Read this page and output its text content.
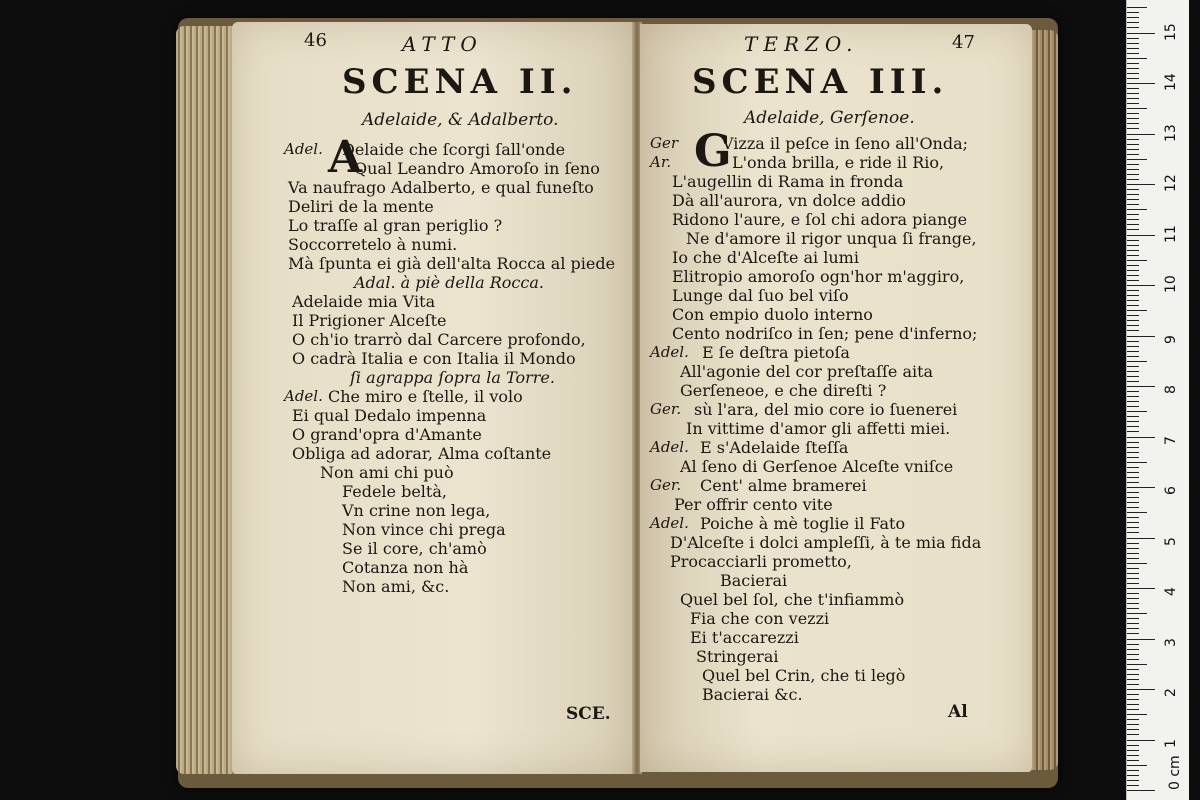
46	ATTO
SCENA II.
Adelaide, & Adalberto.
Adel. A
Delaide che ſcorgi ſall'onde
Qual Leandro Amoroſo in ſeno
Va naufrago Adalberto, e qual funeſto
Deliri de la mente
Lo traſſe al gran periglio ?
Soccorretelo à numi.
Mà ſpunta ei già dell'alta Rocca al piede
Adal. à piè della Rocca.
Adelaide mia Vita
Il Prigioner Alceſte
O ch'io trarrò dal Carcere profondo,
O cadrà Italia e con Italia il Mondo
ſi agrappa ſopra la Torre.
Adel. Che miro e ſtelle, il volo
Ei qual Dedalo impenna
O grand'opra d'Amante
Obliga ad adorar, Alma coſtante
Non ami chi può
Fedele beltà,
Vn crine non lega,
Non vince chi prega
Se il core, ch'amò
Cotanza non hà
Non ami, &c.
SCE.
TERZO.	47
SCENA III.
Adelaide, Gerſenoe.
Ger G
Vizza il peſce in ſeno all'Onda;
Ar.	L'onda brilla, e ride il Rio,
L'augellin di Rama in fronda
Dà all'aurora, vn dolce addio
Ridono l'aure, e ſol chi adora piange
Ne d'amore il rigor unqua ſi frange,
Io che d'Alceſte ai lumi
Elitropio amoroſo ogn'hor m'aggiro,
Lunge dal ſuo bel viſo
Con empio duolo interno
Cento nodriſco in ſen; pene d'inferno;
Adel. E ſe deſtra pietoſa
All'agonie del cor preſtaſſe aita
Gerſeneoe, e che direſti ?
Ger. sù l'ara, del mio core io ſuenerei
In vittime d'amor gli affetti miei.
Adel. E s'Adelaide ſteſſa
Al ſeno di Gerſenoe Alceſte vniſce
Ger. Cent' alme bramerei
Per offrir cento vite
Adel. Poiche à mè toglie il Fato
D'Alceſte i dolci ampleſſi, à te mia fida
Procacciarli prometto,
Bacierai
Quel bel ſol, che t'infiammò
Fia che con vezzi
Ei t'accarezzi
Stringerai
Quel bel Crin, che ti legò
Bacierai &c.
Al
0 cm
1
2
3
4
5
6
7
8
9
10
11
12
13
14
15
